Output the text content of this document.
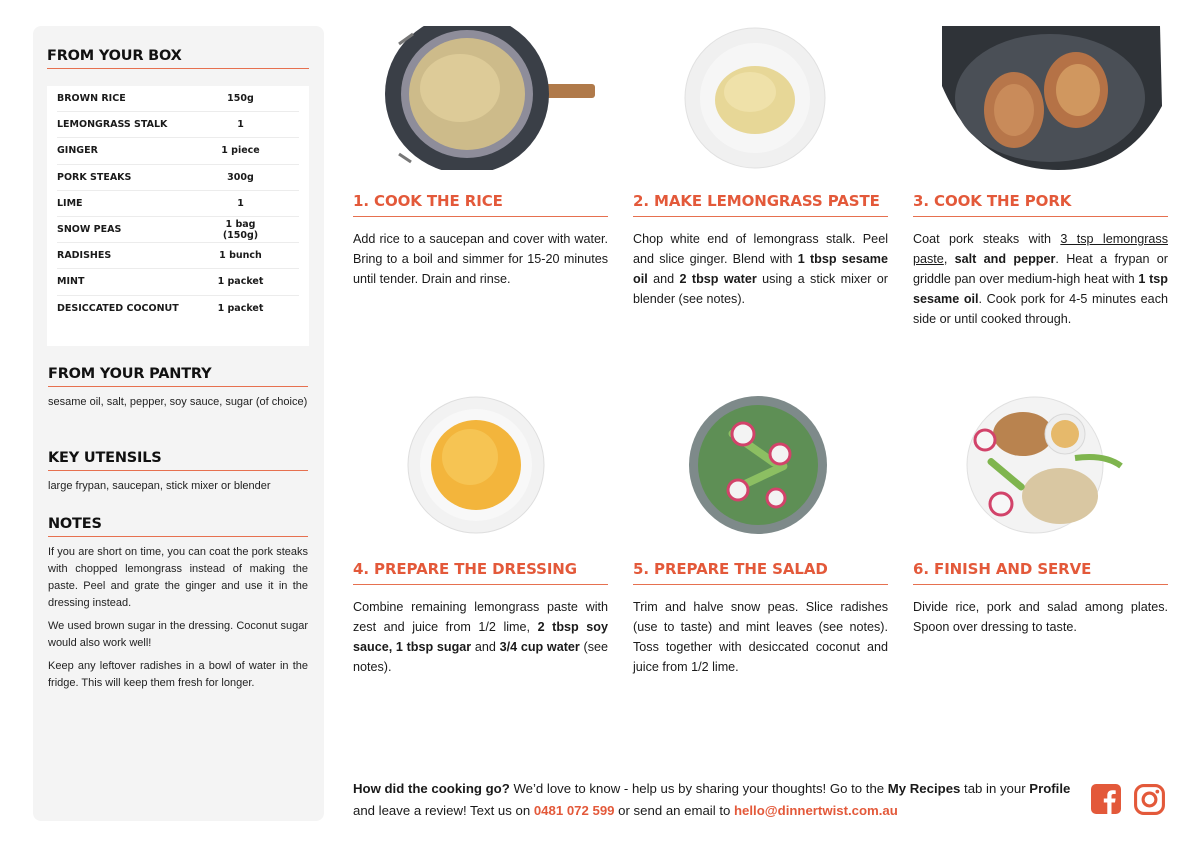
FROM YOUR BOX
BROWN RICE	150g
LEMONGRASS STALK	1
GINGER	1 piece
PORK STEAKS	300g
LIME	1
SNOW PEAS	1 bag (150g)
RADISHES	1 bunch
MINT	1 packet
DESICCATED COCONUT	1 packet
FROM YOUR PANTRY
sesame oil, salt, pepper, soy sauce, sugar (of choice)
KEY UTENSILS
large frypan, saucepan, stick mixer or blender
NOTES

If you are short on time, you can coat the pork steaks with chopped lemongrass instead of making the paste. Peel and grate the ginger and use it in the dressing instead.

We used brown sugar in the dressing. Coconut sugar would also work well!

Keep any leftover radishes in a bowl of water in the fridge. This will keep them fresh for longer.

1. COOK THE RICE
Add rice to a saucepan and cover with water. Bring to a boil and simmer for 15-20 minutes until tender. Drain and rinse.
2. MAKE LEMONGRASS PASTE
Chop white end of lemongrass stalk. Peel and slice ginger. Blend with 1 tbsp sesame oil and 2 tbsp water using a stick mixer or blender (see notes).
3. COOK THE PORK
Coat pork steaks with 3 tsp lemongrass paste, salt and pepper. Heat a frypan or griddle pan over medium-high heat with 1 tsp sesame oil. Cook pork for 4-5 minutes each side or until cooked through.
4. PREPARE THE DRESSING
Combine remaining lemongrass paste with zest and juice from 1/2 lime, 2 tbsp soy sauce, 1 tbsp sugar and 3/4 cup water (see notes).
5. PREPARE THE SALAD
Trim and halve snow peas. Slice radishes (use to taste) and mint leaves (see notes). Toss together with desiccated coconut and juice from 1/2 lime.
6. FINISH AND SERVE
Divide rice, pork and salad among plates. Spoon over dressing to taste.
How did the cooking go? We’d love to know - help us by sharing your thoughts! Go to the My Recipes tab in your Profile and leave a review! Text us on 0481 072 599 or send an email to hello@dinnertwist.com.au
